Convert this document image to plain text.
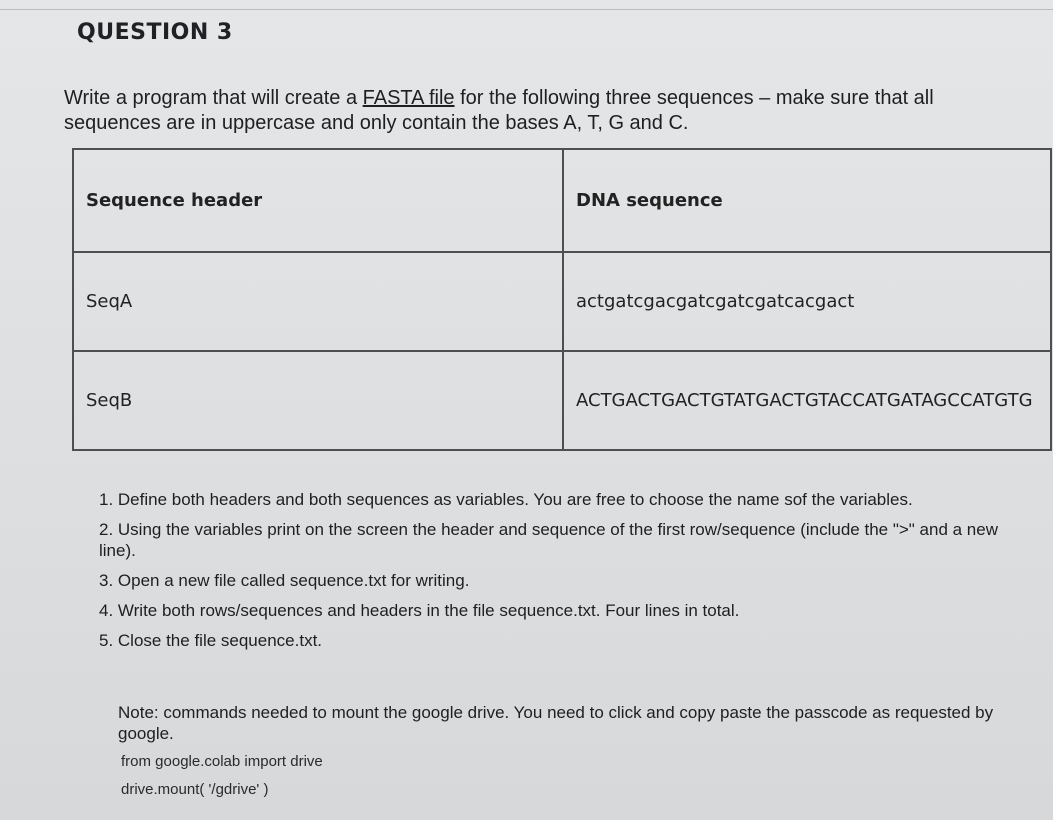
QUESTION 3
Write a program that will create a FASTA file for the following three sequences – make sure that all sequences are in uppercase and only contain the bases A, T, G and C.
Sequence header	DNA sequence
SeqA	actgatcgacgatcgatcgatcacgact
SeqB	ACTGACTGACTGTATGACTGTACCATGATAGCCATGTG
1. Define both headers and both sequences as variables. You are free to choose the name sof the variables.
2. Using the variables print on the screen the header and sequence of the first row/sequence (include the ">" and a new line).
3. Open a new file called sequence.txt for writing.
4. Write both rows/sequences and headers in the file sequence.txt. Four lines in total.
5. Close the file sequence.txt.
Note: commands needed to mount the google drive. You need to click and copy paste the passcode as requested by google.
from google.colab import drive
drive.mount( '/gdrive' )
